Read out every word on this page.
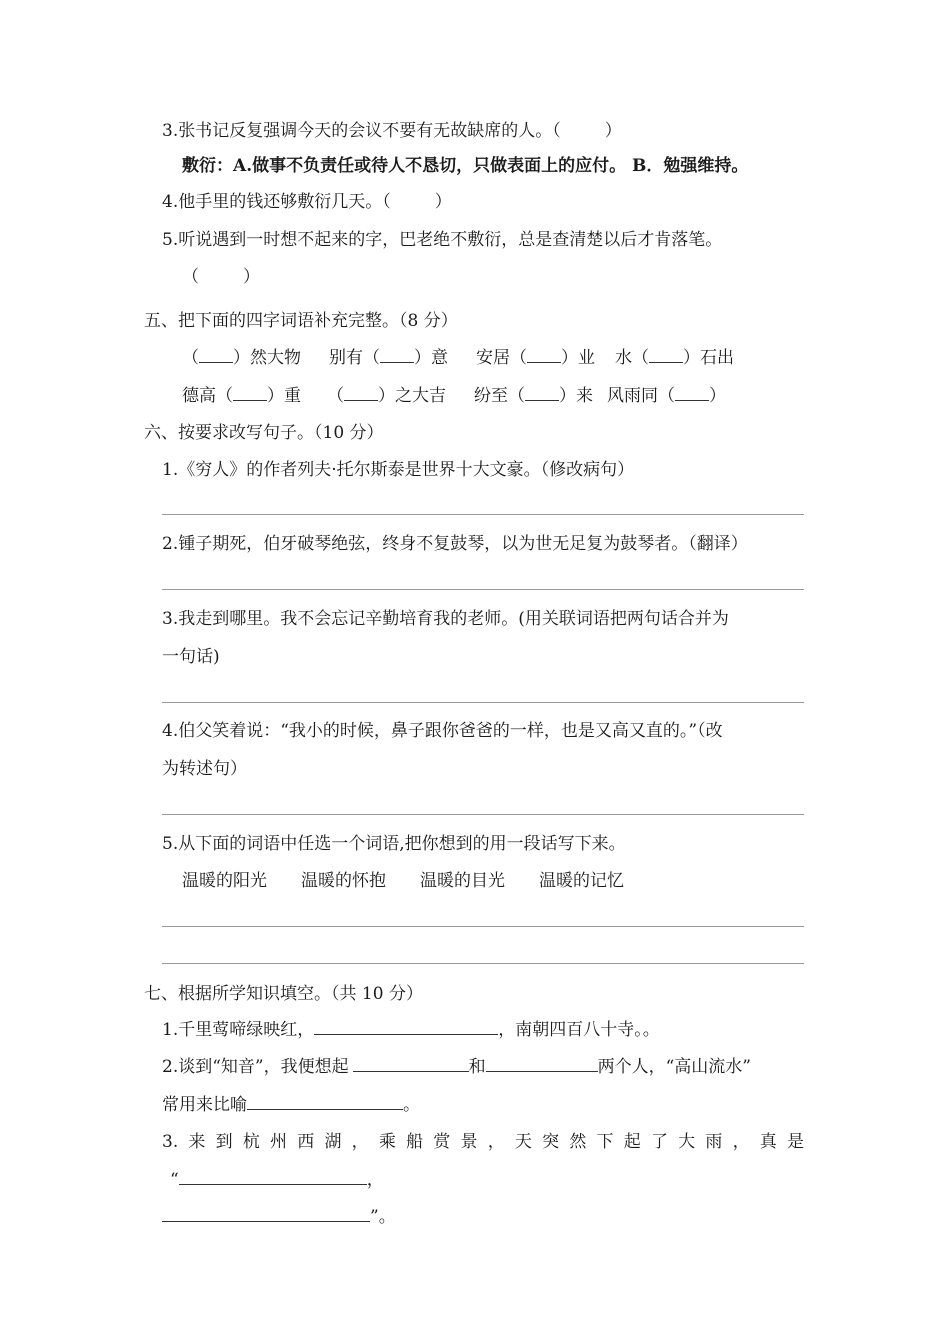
3.张书记反复强调今天的会议不要有无故缺席的人。（	）
敷衍：A.做事不负责任或待人不恳切，只做表面上的应付。 B．勉强维持。
4.他手里的钱还够敷衍几天。（	）
5.听说遇到一时想不起来的字，巴老绝不敷衍，总是查清楚以后才肯落笔。
（	）
五、把下面的四字词语补充完整。（8 分）
（ ）然大物 别有（ ）意 安居（ ）业 水（ ）石出
德高（ ）重 （ ）之大吉 纷至（ ）来 风雨同（ ）
六、按要求改写句子。（10 分）
1.《穷人》的作者列夫·托尔斯泰是世界十大文豪。（修改病句）
2.锺子期死，伯牙破琴绝弦，终身不复鼓琴，以为世无足复为鼓琴者。（翻译）
3.我走到哪里。我不会忘记辛勤培育我的老师。(用关联词语把两句话合并为
一句话)
4.伯父笑着说：“我小的时候，鼻子跟你爸爸的一样，也是又高又直的。”（改
为转述句）
5.从下面的词语中任选一个词语,把你想到的用一段话写下来。
温暖的阳光 温暖的怀抱 温暖的目光 温暖的记忆
七、根据所学知识填空。（共 10 分）
1.千里莺啼绿映红，	，南朝四百八十寺。。
2.谈到“知音”，我便想起	和	两个人，“高山流水”
常用来比喻	。
3.来到杭州西湖，乘船赏景，天突然下起了大雨，真是
“	，
”。
